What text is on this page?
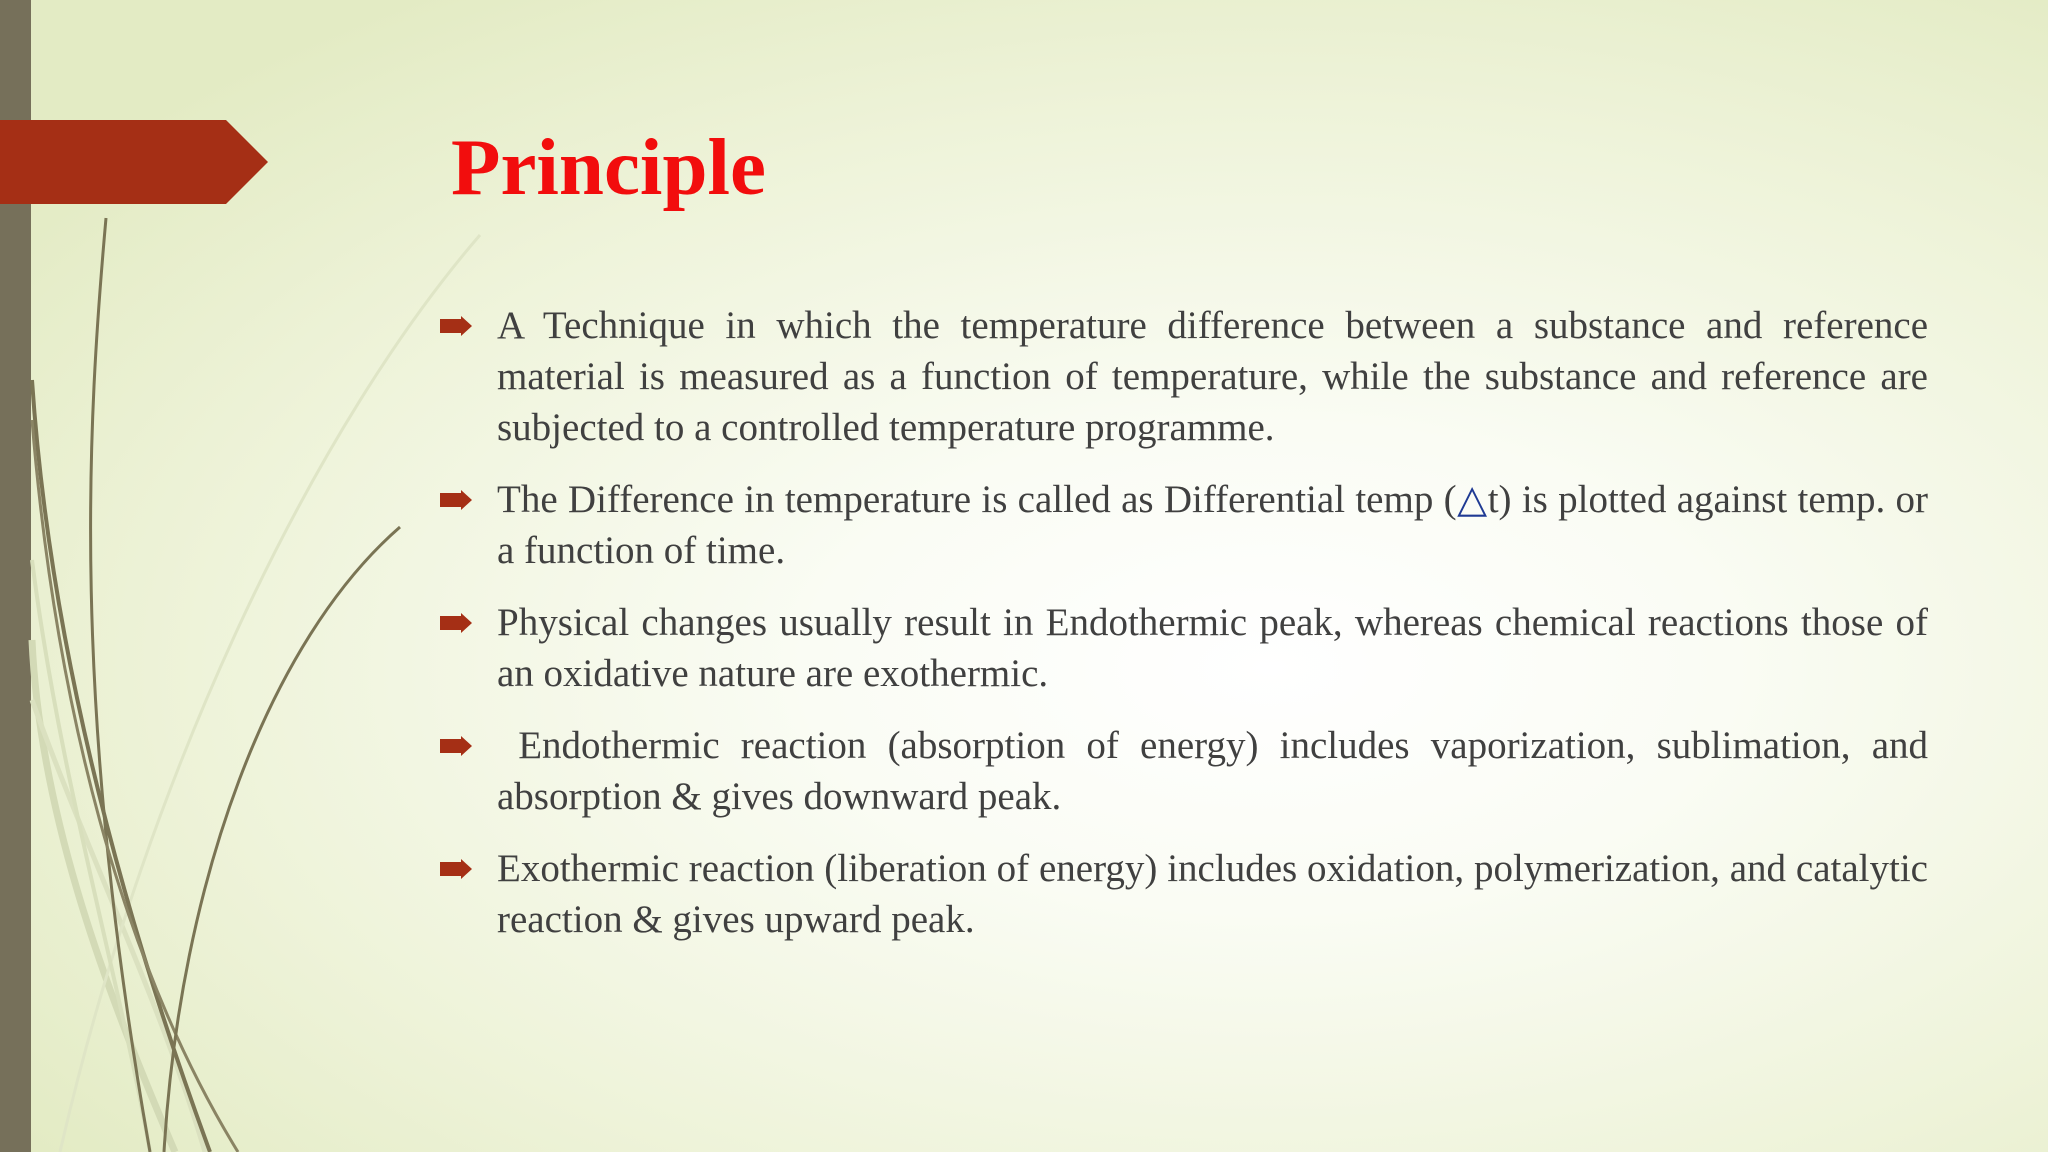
Principle
A Technique in which the temperature difference between a substance and reference material is measured as a function of temperature, while the substance and reference are subjected to a controlled temperature programme.
The Difference in temperature is called as Differential temp (△t) is plotted against temp. or a function of time.
Physical changes usually result in Endothermic peak, whereas chemical reactions those of an oxidative nature are exothermic.
Endothermic reaction (absorption of energy) includes vaporization, sublimation, and absorption & gives downward peak.
Exothermic reaction (liberation of energy) includes oxidation, polymerization, and catalytic reaction & gives upward peak.
